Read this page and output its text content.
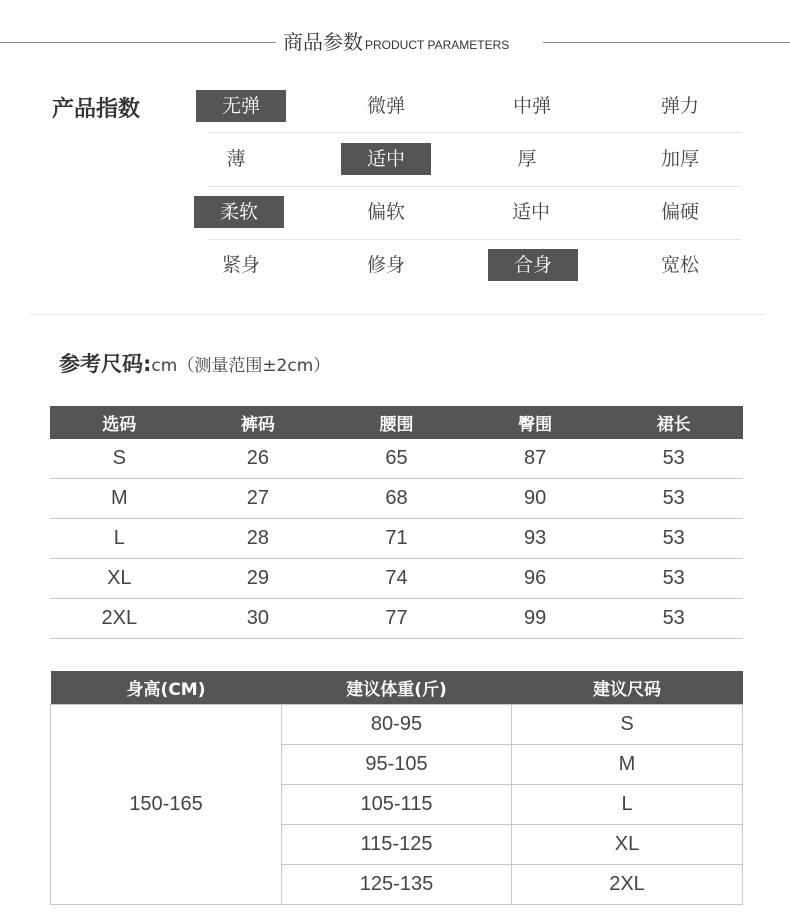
商品参数 PRODUCT PARAMETERS
产品指数	无弹	微弹	中弹	弹力
薄	适中	厚	加厚
柔软	偏软	适中	偏硬
紧身	修身	合身	宽松
参考尺码:cm（测量范围±2cm）
选码	裤码	腰围	臀围	裙长
S	26	65	87	53
M	27	68	90	53
L	28	71	93	53
XL	29	74	96	53
2XL	30	77	99	53
身高(CM)	建议体重(斤)	建议尺码
150-165	80-95	S
	95-105	M
	105-115	L
	115-125	XL
	125-135	2XL
